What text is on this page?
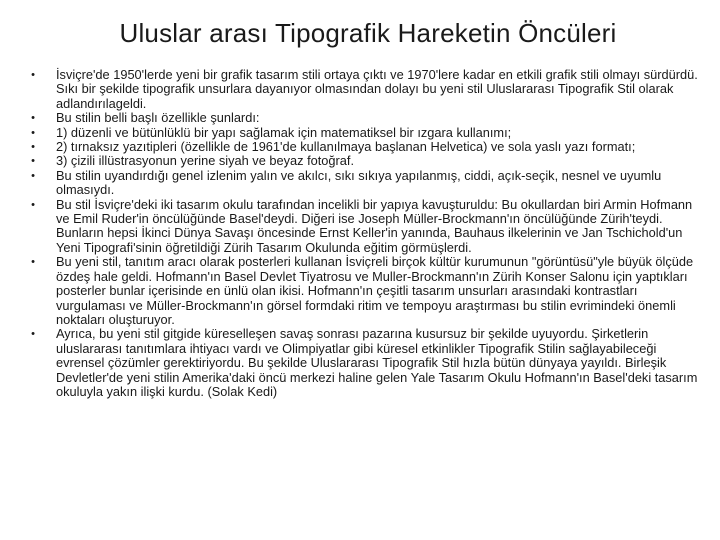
Uluslar arası Tipografik Hareketin Öncüleri
• İsviçre'de 1950'lerde yeni bir grafik tasarım stili ortaya çıktı ve 1970'lere kadar en etkili grafik stili olmayı sürdürdü. Sıkı bir şekilde tipografik unsurlara dayanıyor olmasından dolayı bu yeni stil Uluslararası Tipografik Stil olarak adlandırılageldi.
• Bu stilin belli başlı özellikle şunlardı:
• 1) düzenli ve bütünlüklü bir yapı sağlamak için matematiksel bir ızgara kullanımı;
• 2) tırnaksız yazıtipleri (özellikle de 1961'de kullanılmaya başlanan Helvetica) ve sola yaslı yazı formatı;
• 3) çizili illüstrasyonun yerine siyah ve beyaz fotoğraf.
• Bu stilin uyandırdığı genel izlenim yalın ve akılcı, sıkı sıkıya yapılanmış, ciddi, açık-seçik, nesnel ve uyumlu olmasıydı.
• Bu stil İsviçre'deki iki tasarım okulu tarafından incelikli bir yapıya kavuşturuldu: Bu okullardan biri Armin Hofmann ve Emil Ruder'in öncülüğünde Basel'deydi. Diğeri ise Joseph Müller-Brockmann'ın öncülüğünde Zürih'teydi. Bunların hepsi İkinci Dünya Savaşı öncesinde Ernst Keller'in yanında, Bauhaus ilkelerinin ve Jan Tschichold'un Yeni Tipografi'sinin öğretildiği Zürih Tasarım Okulunda eğitim görmüşlerdi.
• Bu yeni stil, tanıtım aracı olarak posterleri kullanan İsviçreli birçok kültür kurumunun "görüntüsü"yle büyük ölçüde özdeş hale geldi. Hofmann'ın Basel Devlet Tiyatrosu ve Muller-Brockmann'ın Zürih Konser Salonu için yaptıkları posterler bunlar içerisinde en ünlü olan ikisi. Hofmann'ın çeşitli tasarım unsurları arasındaki kontrastları vurgulaması ve Müller-Brockmann'ın görsel formdaki ritim ve tempoyu araştırması bu stilin evrimindeki önemli noktaları oluşturuyor.
• Ayrıca, bu yeni stil gitgide küreselleşen savaş sonrası pazarına kusursuz bir şekilde uyuyordu. Şirketlerin uluslararası tanıtımlara ihtiyacı vardı ve Olimpiyatlar gibi küresel etkinlikler Tipografik Stilin sağlayabileceği evrensel çözümler gerektiriyordu. Bu şekilde Uluslararası Tipografik Stil hızla bütün dünyaya yayıldı. Birleşik Devletler'de yeni stilin Amerika'daki öncü merkezi haline gelen Yale Tasarım Okulu Hofmann'ın Basel'deki tasarım okuluyla yakın ilişki kurdu. (Solak Kedi)
